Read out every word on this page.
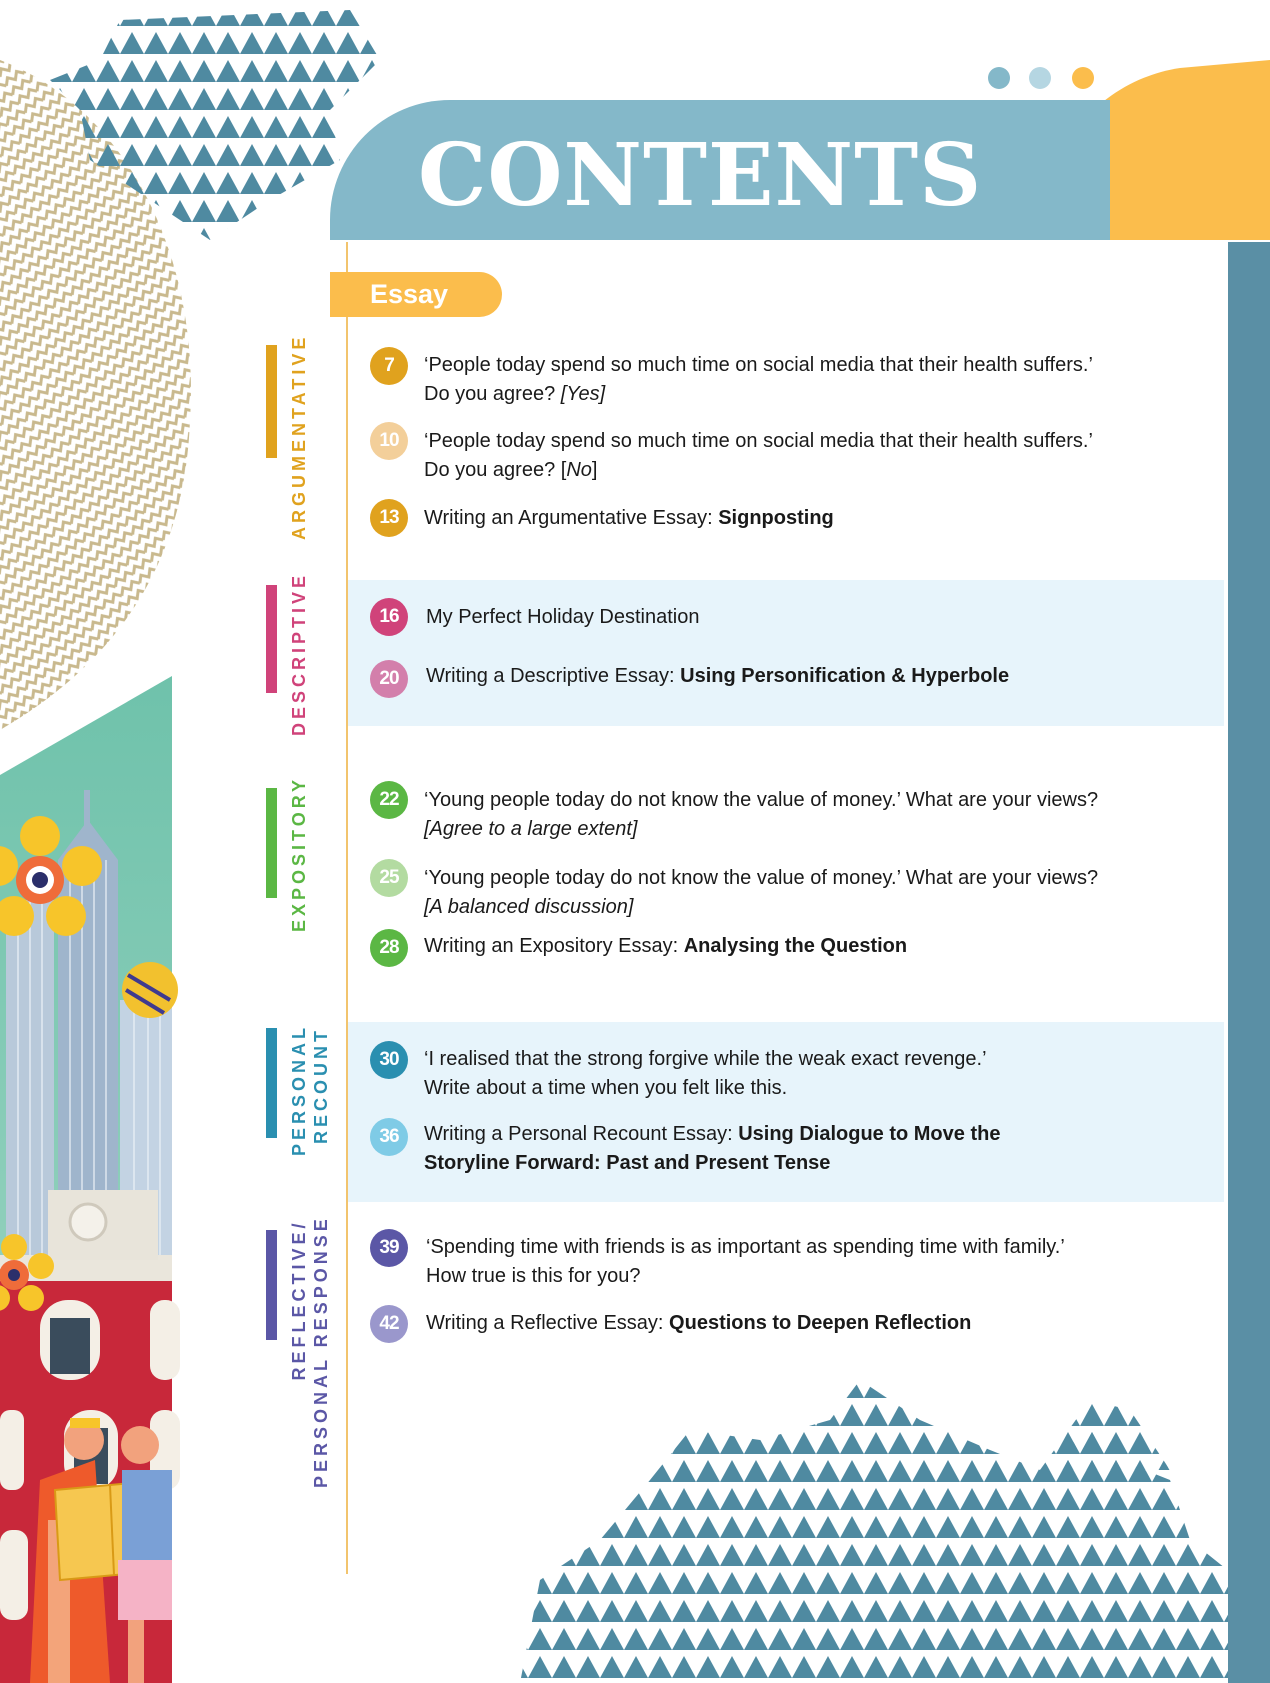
CONTENTS
Essay
ARGUMENTATIVE
DESCRIPTIVE
EXPOSITORY
PERSONAL RECOUNT
REFLECTIVE/ PERSONAL RESPONSE
7	‘People today spend so much time on social media that their health suffers.’
Do you agree? [Yes]
10	‘People today spend so much time on social media that their health suffers.’
Do you agree? [No]
13	Writing an Argumentative Essay: Signposting
16	My Perfect Holiday Destination
20	Writing a Descriptive Essay: Using Personification & Hyperbole
22	‘Young people today do not know the value of money.’ What are your views?
[Agree to a large extent]
25	‘Young people today do not know the value of money.’ What are your views?
[A balanced discussion]
28	Writing an Expository Essay: Analysing the Question
30	‘I realised that the strong forgive while the weak exact revenge.’
Write about a time when you felt like this.
36	Writing a Personal Recount Essay: Using Dialogue to Move the
Storyline Forward: Past and Present Tense
39	‘Spending time with friends is as important as spending time with family.’
How true is this for you?
42	Writing a Reflective Essay: Questions to Deepen Reflection
